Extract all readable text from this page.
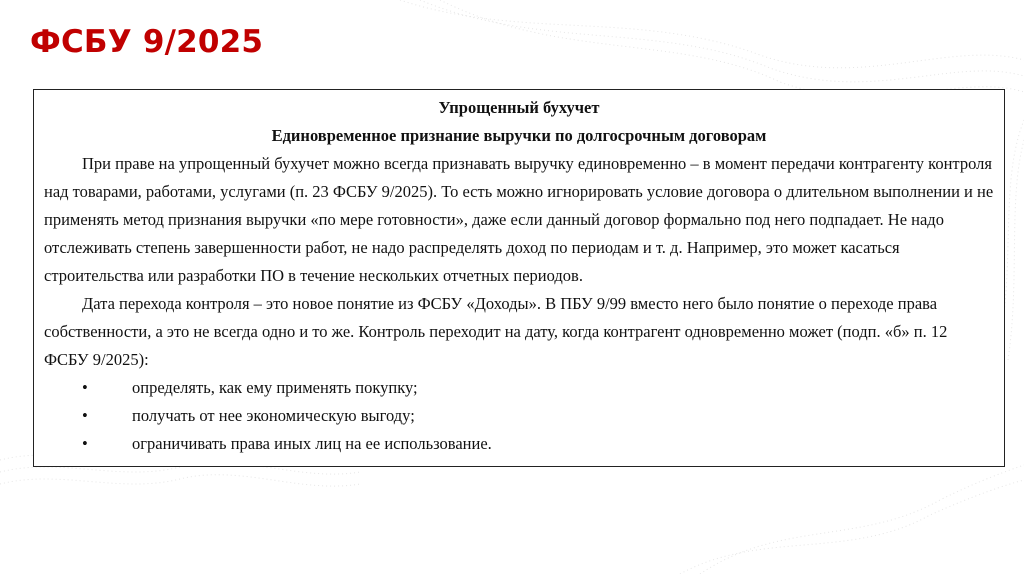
ФСБУ 9/2025

Упрощенный бухучет

Единовременное признание выручки по долгосрочным договорам

При праве на упрощенный бухучет можно всегда признавать выручку единовременно – в момент передачи контрагенту контроля над товарами, работами, услугами (п. 23 ФСБУ 9/2025). То есть можно игнорировать условие договора о длительном выполнении и не применять метод признания выручки «по мере готовности», даже если данный договор формально под него подпадает. Не надо отслеживать степень завершенности работ, не надо распределять доход по периодам и т. д. Например, это может касаться строительства или разработки ПО в течение нескольких отчетных периодов.

Дата перехода контроля – это новое понятие из ФСБУ «Доходы». В ПБУ 9/99 вместо него было понятие о переходе права собственности, а это не всегда одно и то же. Контроль переходит на дату, когда контрагент одновременно может (подп. «б» п. 12 ФСБУ 9/2025):

•	определять, как ему применять покупку;
•	получать от нее экономическую выгоду;
•	ограничивать права иных лиц на ее использование.
